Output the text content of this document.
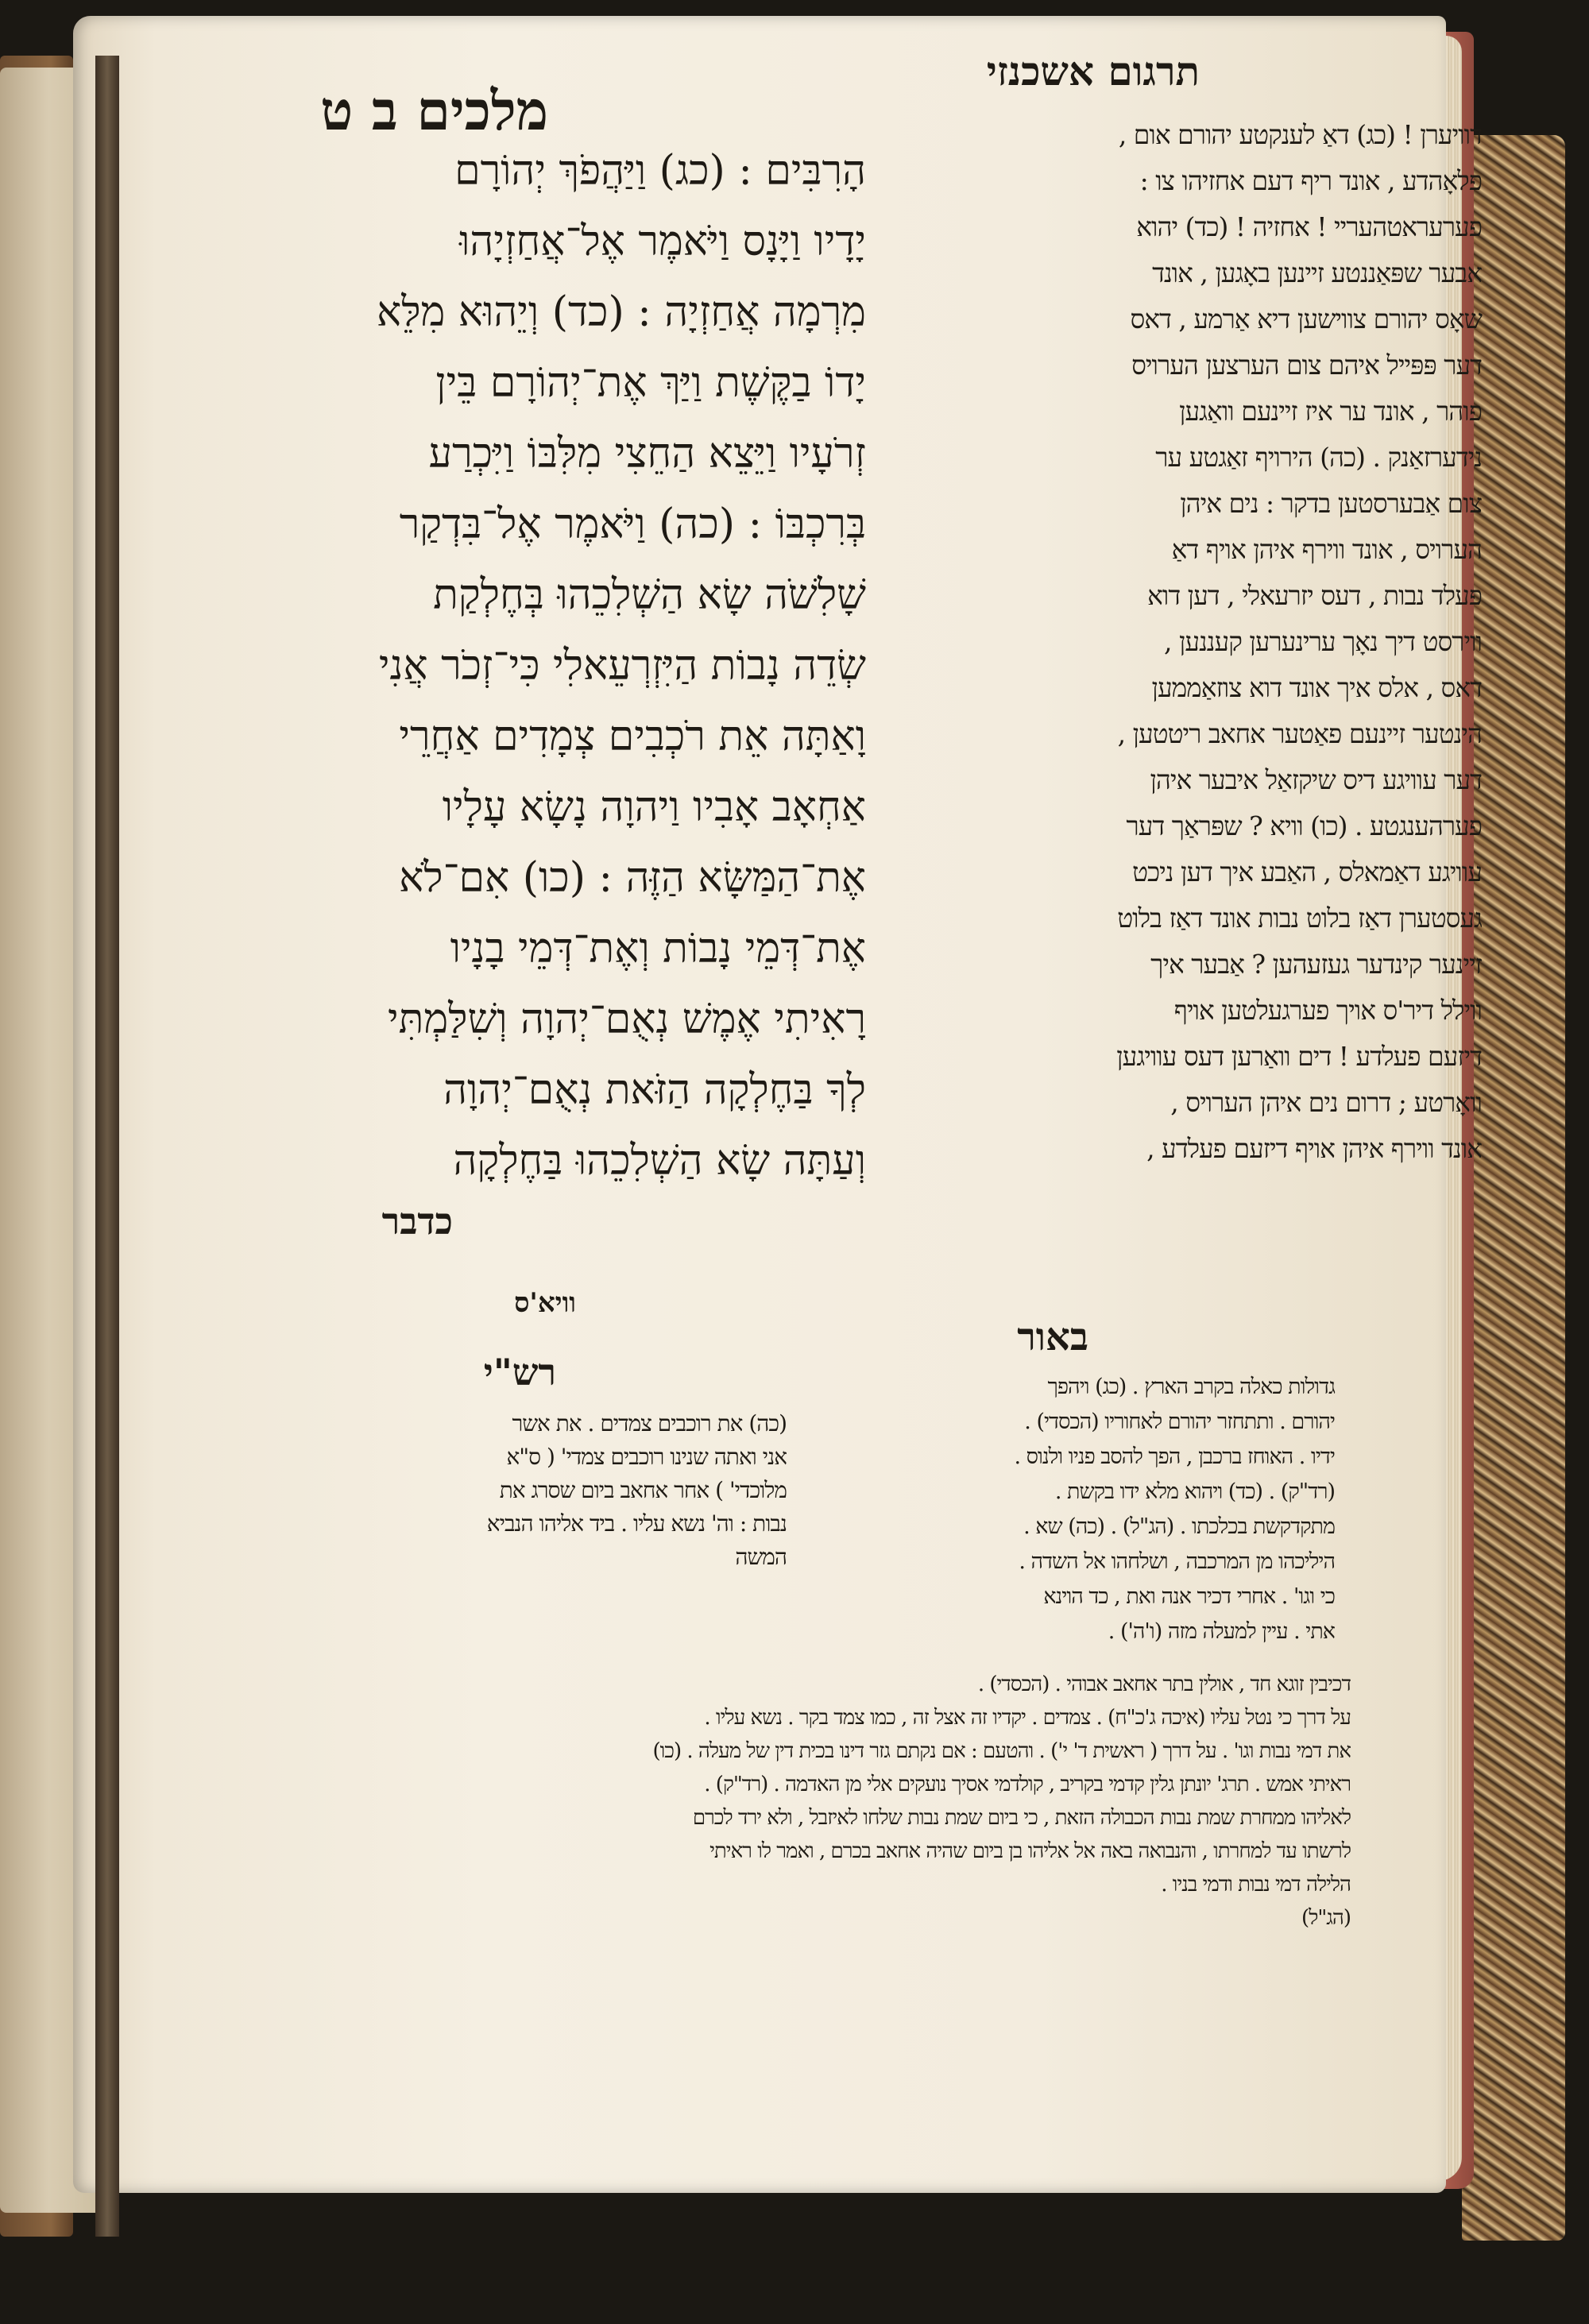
תרגום אשכנזי
מלכים ב ט	דוויערן ! (כג) דאַ לענקטע יהורם אום ,
פלאָהדע , אונד ריף דעם אחזיהו צו :
פערעראטהעריי ! אחזיה ! (כד) יהוא
אבער שפּאַננטע זיינען באָגען , אונד
שאָס יהורם צווישען דיא אַרמע , דאס
דער פּפּייל איהם צום הערצען הערויס
פוהר , אונד ער איז זיינעם וואַגען
נידערזאַנק . (כה) הירויף זאַגטע ער
צום אַבערסטען בדקר : נים איהן
הערויס , אונד ווירף איהן אויף דאַ
פעלד נבות , דעס יזרעאלי , דען דוא
ווירסט דיך נאָך ערינערען קעננען ,
דאס , אלס איך אונד דוא צוזאַממען
הינטער זיינעם פאַטער אחאב ריטטען ,
דער עוויגע דיס שיקזאַל איבער איהן
פערהענגטע . (כו) וויא ? שפּראַך דער
עוויגע דאַמאלס , האַבע איך דען ניכט
געסטערן דאַז בלוט נבות אונד דאַז בלוט
זיינער קינדער געזעהען ? אַבער איך
ווילל דיר'ס אויך פערגעלטען אויף
דיזעם פעלדע ! דים וואַרען דעס עוויגען
וואָרטע ; דרום נים איהן הערויס ,
אונד ווירף איהן אויף דיזעם פעלדע ,
הָרִבִּים : (כג) וַיַּהֲפֹךְ יְהוֹרָם
יָדָיו וַיָּנָס וַיֹּאמֶר אֶל־אֲחַזְיָהוּ
מִרְמָה אֲחַזְיָה : (כד) וְיֵהוּא מִלֵּא
יָדוֹ בַקֶּשֶׁת וַיַּךְ אֶת־יְהוֹרָם בֵּין
זְרֹעָיו וַיֵּצֵא הַחֵצִי מִלִּבּוֹ וַיִּכְרַע
בְּרִכְבּוֹ : (כה) וַיֹּאמֶר אֶל־בִּדְקַר
שָׁלִשֹׁה שָׂא הַשְׁלִכֵהוּ בְּחֶלְקַת
שְׂדֵה נָבוֹת הַיִּזְרְעֵאלִי כִּי־זְכֹר אֲנִי
וָאַתָּה אֵת רֹכְבִים צְמָדִים אַחֲרֵי
אַחְאָב אָבִיו וַיהוָה נָשָׂא עָלָיו
אֶת־הַמַּשָּׂא הַזֶּה : (כו) אִם־לֹא
אֶת־דְּמֵי נָבוֹת וְאֶת־דְּמֵי בָנָיו
רָאִיתִי אֶמֶשׁ נְאֻם־יְהוָה וְשִׁלַּמְתִּי
לְךָ בַּחֶלְקָה הַזֹּאת נְאֻם־יְהוָה
וְעַתָּה שָׂא הַשְׁלִכֵהוּ בַּחֶלְקָה
כדבר
וויא'ס
באור
רש"י	גדולות כאלה בקרב הארץ . (כג) ויהפך
יהורם . ותתחזר יהורם לאחוריו (הכסדי) .
ידיו . האוחז ברכבן , הפך להסב פניו ולנוס .
(רד"ק) . (כד) ויהוא מלא ידו בקשת .
מתקדקשת בכלכתו . (הג"ל) . (כה) שא .
היליכהו מן המרכבה , ושלחהו אל השדה .
כי וגו' . אחרי דכיר אנה ואת , כד הוינא
אתי . עיין למעלה מזה (ו'ה') .
(כה) את רוכבים צמדים . את אשר
אני ואתה שנינו רוכבים צמדי' ( ס"א
מלוכדי' ) אחר אחאב ביום שסרג את
נבות : וה' נשא עליו . ביד אליהו הנביא
המשה
דכיבין זוגא חד , אולין בתר אחאב אבוהי . (הכסדי) .
על דרך כי נטל עליו (איכה ג'כ"ח) . צמדים . יקדיו זה אצל זה , כמו צמד בקר . נשא עליו .
את דמי נבות וגו' . על דרך ( ראשית ד' י') . והטעם : אם נקתם גזר דינו בכית דין של מעלה . (כו)
ראיתי אמש . תרג' יונתן גלין קדמי בקריב , קולדמי אסיך נועקים אלי מן האדמה . (רד"ק) .
לאליהו ממחרת שמת נבות הכבולה הזאת , כי ביום שמת נבות שלחו לאיזבל , ולא ירד לכרם
לרשתו עד למחרתו , והנבואה באה אל אליהו בן ביום שהיה אחאב בכרם , ואמר לו ראיתי
הלילה דמי נבות ודמי בניו .
(הג"ל)
